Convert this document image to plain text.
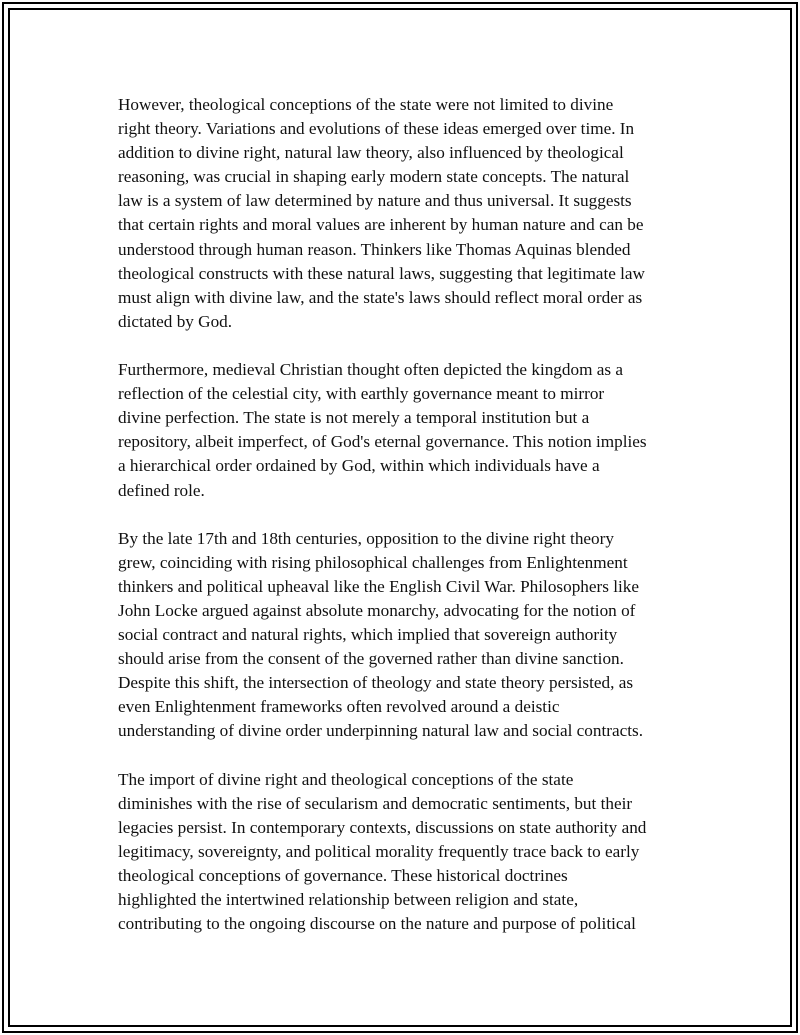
However, theological conceptions of the state were not limited to divine
right theory. Variations and evolutions of these ideas emerged over time. In
addition to divine right, natural law theory, also influenced by theological
reasoning, was crucial in shaping early modern state concepts. The natural
law is a system of law determined by nature and thus universal. It suggests
that certain rights and moral values are inherent by human nature and can be
understood through human reason. Thinkers like Thomas Aquinas blended
theological constructs with these natural laws, suggesting that legitimate law
must align with divine law, and the state's laws should reflect moral order as
dictated by God.

Furthermore, medieval Christian thought often depicted the kingdom as a
reflection of the celestial city, with earthly governance meant to mirror
divine perfection. The state is not merely a temporal institution but a
repository, albeit imperfect, of God's eternal governance. This notion implies
a hierarchical order ordained by God, within which individuals have a
defined role.

By the late 17th and 18th centuries, opposition to the divine right theory
grew, coinciding with rising philosophical challenges from Enlightenment
thinkers and political upheaval like the English Civil War. Philosophers like
John Locke argued against absolute monarchy, advocating for the notion of
social contract and natural rights, which implied that sovereign authority
should arise from the consent of the governed rather than divine sanction.
Despite this shift, the intersection of theology and state theory persisted, as
even Enlightenment frameworks often revolved around a deistic
understanding of divine order underpinning natural law and social contracts.

The import of divine right and theological conceptions of the state
diminishes with the rise of secularism and democratic sentiments, but their
legacies persist. In contemporary contexts, discussions on state authority and
legitimacy, sovereignty, and political morality frequently trace back to early
theological conceptions of governance. These historical doctrines
highlighted the intertwined relationship between religion and state,
contributing to the ongoing discourse on the nature and purpose of political
